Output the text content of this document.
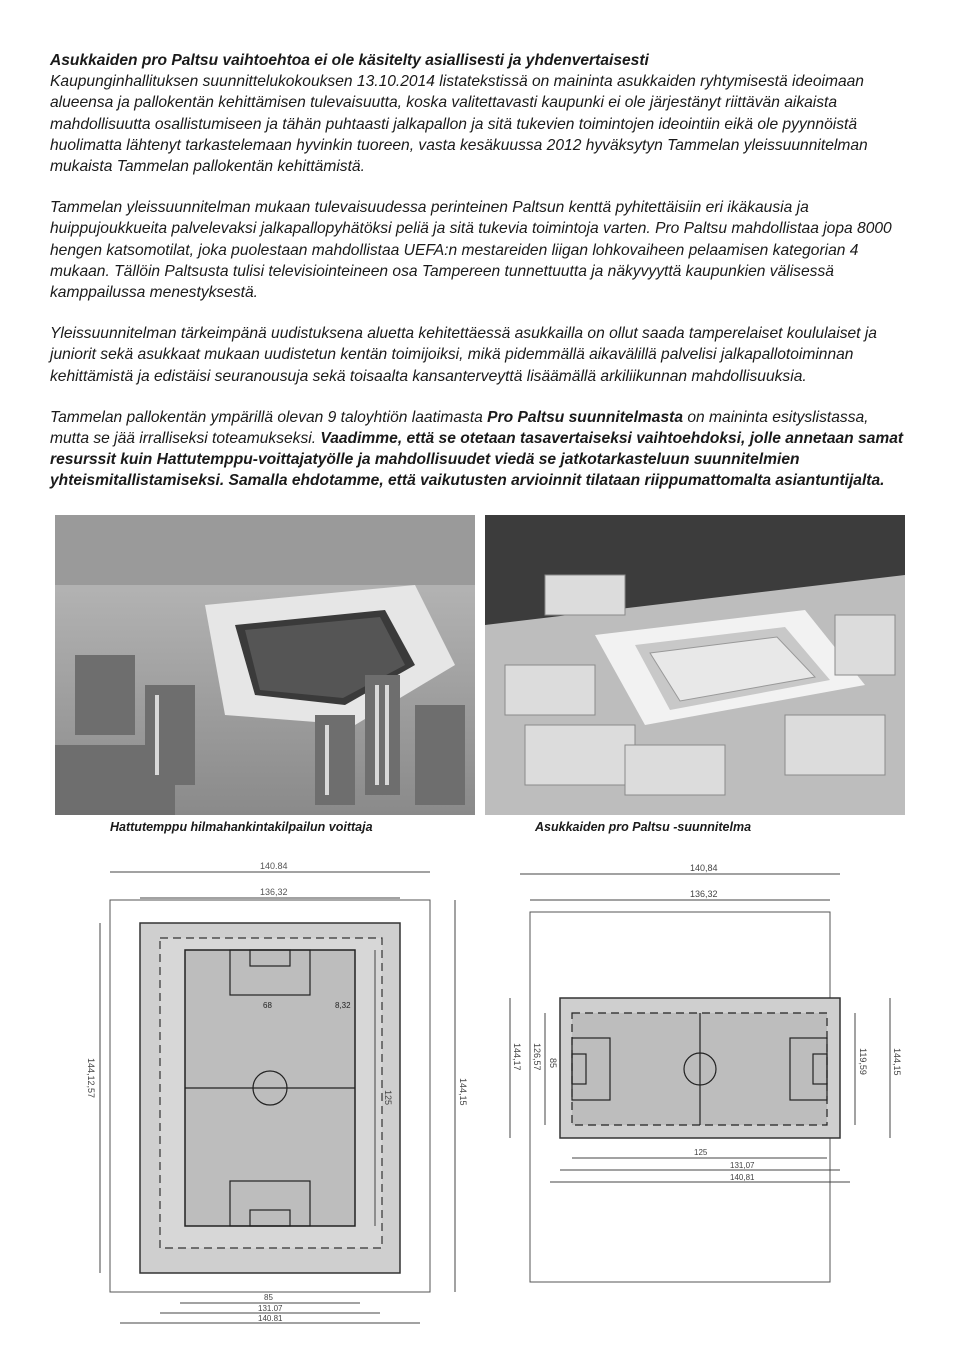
Asukkaiden pro Paltsu vaihtoehtoa ei ole käsitelty asiallisesti ja yhdenvertaisesti
Kaupunginhallituksen suunnittelukokouksen 13.10.2014 listatekstissä on maininta asukkaiden ryhtymisestä ideoimaan alueensa ja pallokentän kehittämisen tulevaisuutta, koska valitettavasti kaupunki ei ole järjestänyt riittävän aikaista mahdollisuutta osallistumiseen ja tähän puhtaasti jalkapallon ja sitä tukevien toimintojen ideointiin eikä ole pyynnöistä huolimatta lähtenyt tarkastelemaan hyvinkin tuoreen, vasta kesäkuussa 2012 hyväksytyn Tammelan yleissuunnitelman mukaista Tammelan pallokentän kehittämistä.

Tammelan yleissuunnitelman mukaan tulevaisuudessa perinteinen Paltsun kenttä pyhitettäisiin eri ikäkausia ja huippujoukkueita palvelevaksi jalkapallopyhätöksi peliä ja sitä tukevia toimintoja varten. Pro Paltsu mahdollistaa jopa 8000 hengen katsomotilat, joka puolestaan mahdollistaa UEFA:n mestareiden liigan lohkovaiheen pelaamisen kategorian 4 mukaan. Tällöin Paltsusta tulisi televisiointeineen osa Tampereen tunnettuutta ja näkyvyyttä kaupunkien välisessä kamppailussa menestyksestä.

Yleissuunnitelman tärkeimpänä uudistuksena aluetta kehitettäessä asukkailla on ollut saada tamperelaiset koululaiset ja juniorit sekä asukkaat mukaan uudistetun kentän toimijoiksi, mikä pidemmällä aikavälillä palvelisi jalkapallotoiminnan kehittämistä ja edistäisi seuranousuja sekä toisaalta kansanterveyttä lisäämällä arkiliikunnan mahdollisuuksia.

Tammelan pallokentän ympärillä olevan 9 taloyhtiön laatimasta Pro Paltsu suunnitelmasta on maininta esityslistassa, mutta se jää irralliseksi toteamukseksi. Vaadimme, että se otetaan tasavertaiseksi vaihtoehdoksi, jolle annetaan samat resurssit kuin Hattutemppu-voittajatyölle ja mahdollisuudet viedä se jatkotarkasteluun suunnitelmien yhteismitallistamiseksi. Samalla ehdotamme, että vaikutusten arvioinnit tilataan riippumattomalta asiantuntijalta.

Hattutemppu hilmahankintakilpailun voittaja	Asukkaiden pro Paltsu -suunnitelma
140.84
136,32
68	8,32
125	144,15
144,12,57
85
131.07
140.81
140,84
136,32
144,17 126,57 85	119,59	144,15
125
131,07
140,81
